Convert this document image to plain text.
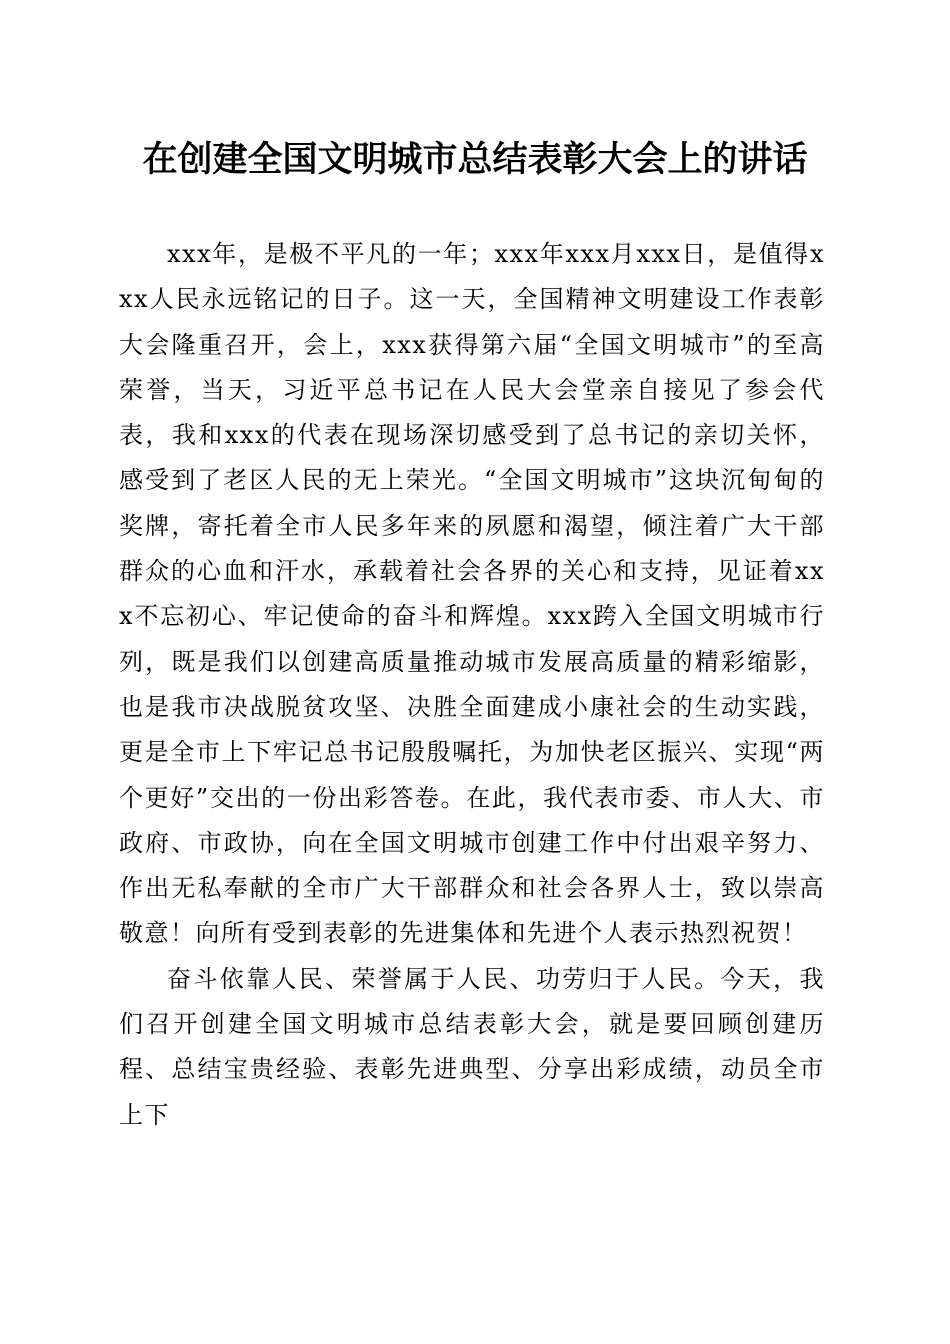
在创建全国文明城市总结表彰大会上的讲话

xxx年，是极不平凡的一年；xxx年xxx月xxx日，是值得xxx人民永远铭记的日子。这一天，全国精神文明建设工作表彰大会隆重召开，会上，xxx获得第六届“全国文明城市”的至高荣誉，当天，习近平总书记在人民大会堂亲自接见了参会代表，我和xxx的代表在现场深切感受到了总书记的亲切关怀，感受到了老区人民的无上荣光。“全国文明城市”这块沉甸甸的奖牌，寄托着全市人民多年来的夙愿和渴望，倾注着广大干部群众的心血和汗水，承载着社会各界的关心和支持，见证着xxx不忘初心、牢记使命的奋斗和辉煌。xxx跨入全国文明城市行列，既是我们以创建高质量推动城市发展高质量的精彩缩影，也是我市决战脱贫攻坚、决胜全面建成小康社会的生动实践，更是全市上下牢记总书记殷殷嘱托，为加快老区振兴、实现“两个更好”交出的一份出彩答卷。在此，我代表市委、市人大、市政府、市政协，向在全国文明城市创建工作中付出艰辛努力、作出无私奉献的全市广大干部群众和社会各界人士，致以崇高敬意！向所有受到表彰的先进集体和先进个人表示热烈祝贺！

奋斗依靠人民、荣誉属于人民、功劳归于人民。今天，我们召开创建全国文明城市总结表彰大会，就是要回顾创建历程、总结宝贵经验、表彰先进典型、分享出彩成绩，动员全市上下
